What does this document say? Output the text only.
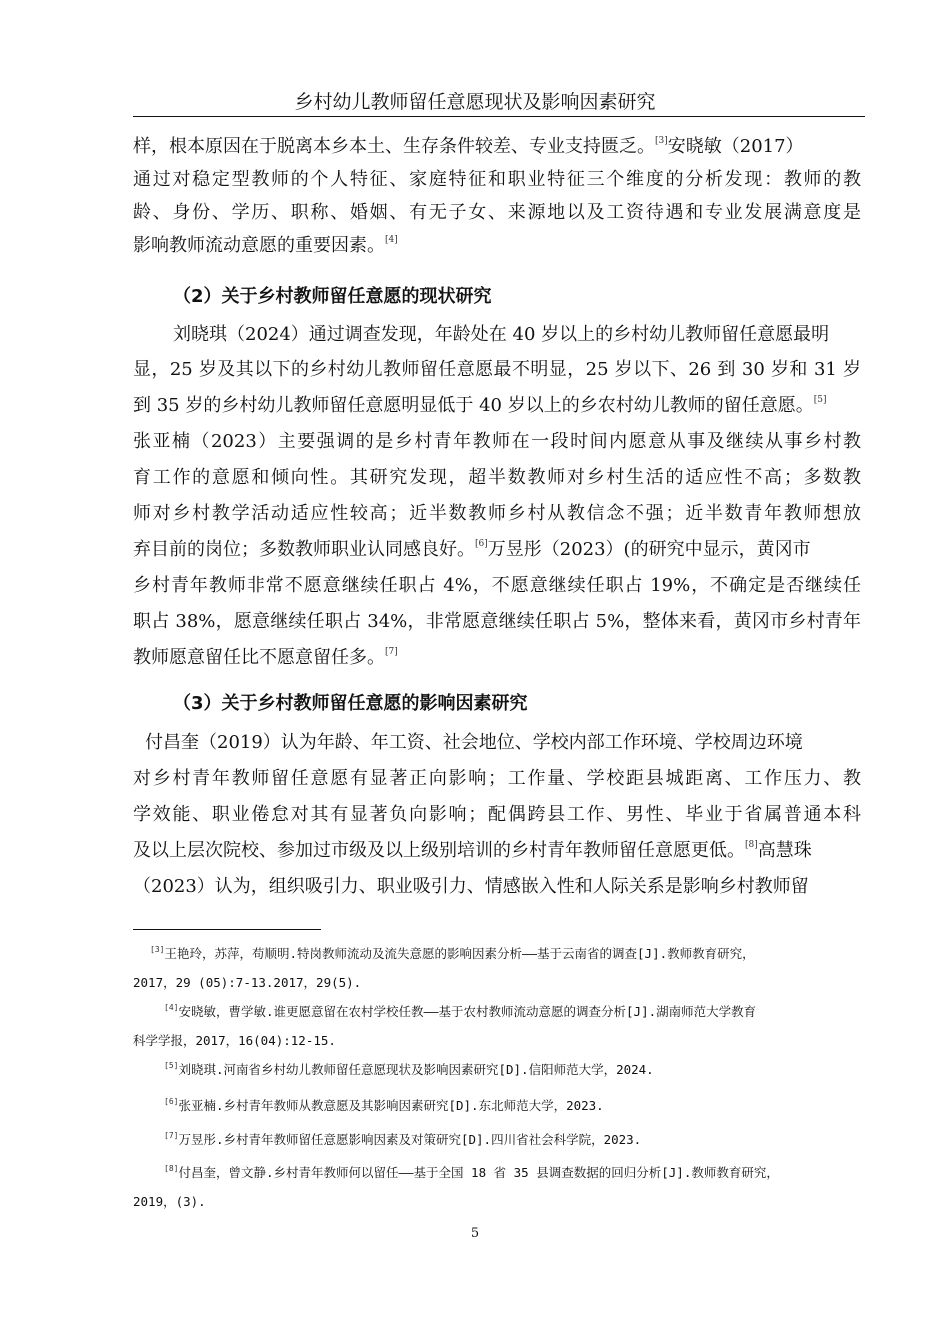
乡村幼儿教师留任意愿现状及影响因素研究
样，根本原因在于脱离本乡本土、生存条件较差、专业支持匮乏。[3]安晓敏（2017）
通过对稳定型教师的个人特征、家庭特征和职业特征三个维度的分析发现：教师的教
龄、身份、学历、职称、婚姻、有无子女、来源地以及工资待遇和专业发展满意度是
影响教师流动意愿的重要因素。[4]
（2）关于乡村教师留任意愿的现状研究
刘晓琪（2024）通过调查发现，年龄处在 40 岁以上的乡村幼儿教师留任意愿最明
显，25 岁及其以下的乡村幼儿教师留任意愿最不明显，25 岁以下、26 到 30 岁和 31 岁
到 35 岁的乡村幼儿教师留任意愿明显低于 40 岁以上的乡农村幼儿教师的留任意愿。[5]
张亚楠（2023）主要强调的是乡村青年教师在一段时间内愿意从事及继续从事乡村教
育工作的意愿和倾向性。其研究发现，超半数教师对乡村生活的适应性不高；多数教
师对乡村教学活动适应性较高；近半数教师乡村从教信念不强；近半数青年教师想放
弃目前的岗位；多数教师职业认同感良好。[6]万昱彤（2023）(的研究中显示，黄冈市
乡村青年教师非常不愿意继续任职占 4%，不愿意继续任职占 19%，不确定是否继续任
职占 38%，愿意继续任职占 34%，非常愿意继续任职占 5%，整体来看，黄冈市乡村青年
教师愿意留任比不愿意留任多。[7]
（3）关于乡村教师留任意愿的影响因素研究
付昌奎（2019）认为年龄、年工资、社会地位、学校内部工作环境、学校周边环境
对乡村青年教师留任意愿有显著正向影响；工作量、学校距县城距离、工作压力、教
学效能、职业倦怠对其有显著负向影响；配偶跨县工作、男性、毕业于省属普通本科
及以上层次院校、参加过市级及以上级别培训的乡村青年教师留任意愿更低。[8]高慧珠
（2023）认为，组织吸引力、职业吸引力、情感嵌入性和人际关系是影响乡村教师留
[3]王艳玲，苏萍，苟顺明.特岗教师流动及流失意愿的影响因素分析——基于云南省的调查[J].教师教育研究，
2017，29 (05):7-13.2017，29(5).
[4]安晓敏，曹学敏.谁更愿意留在农村学校任教——基于农村教师流动意愿的调查分析[J].湖南师范大学教育
科学学报，2017，16(04):12-15.
[5]刘晓琪.河南省乡村幼儿教师留任意愿现状及影响因素研究[D].信阳师范大学，2024.
[6]张亚楠.乡村青年教师从教意愿及其影响因素研究[D].东北师范大学，2023.
[7]万昱彤.乡村青年教师留任意愿影响因素及对策研究[D].四川省社会科学院，2023.
[8]付昌奎，曾文静.乡村青年教师何以留任——基于全国 18 省 35 县调查数据的回归分析[J].教师教育研究，
2019，(3).
5
